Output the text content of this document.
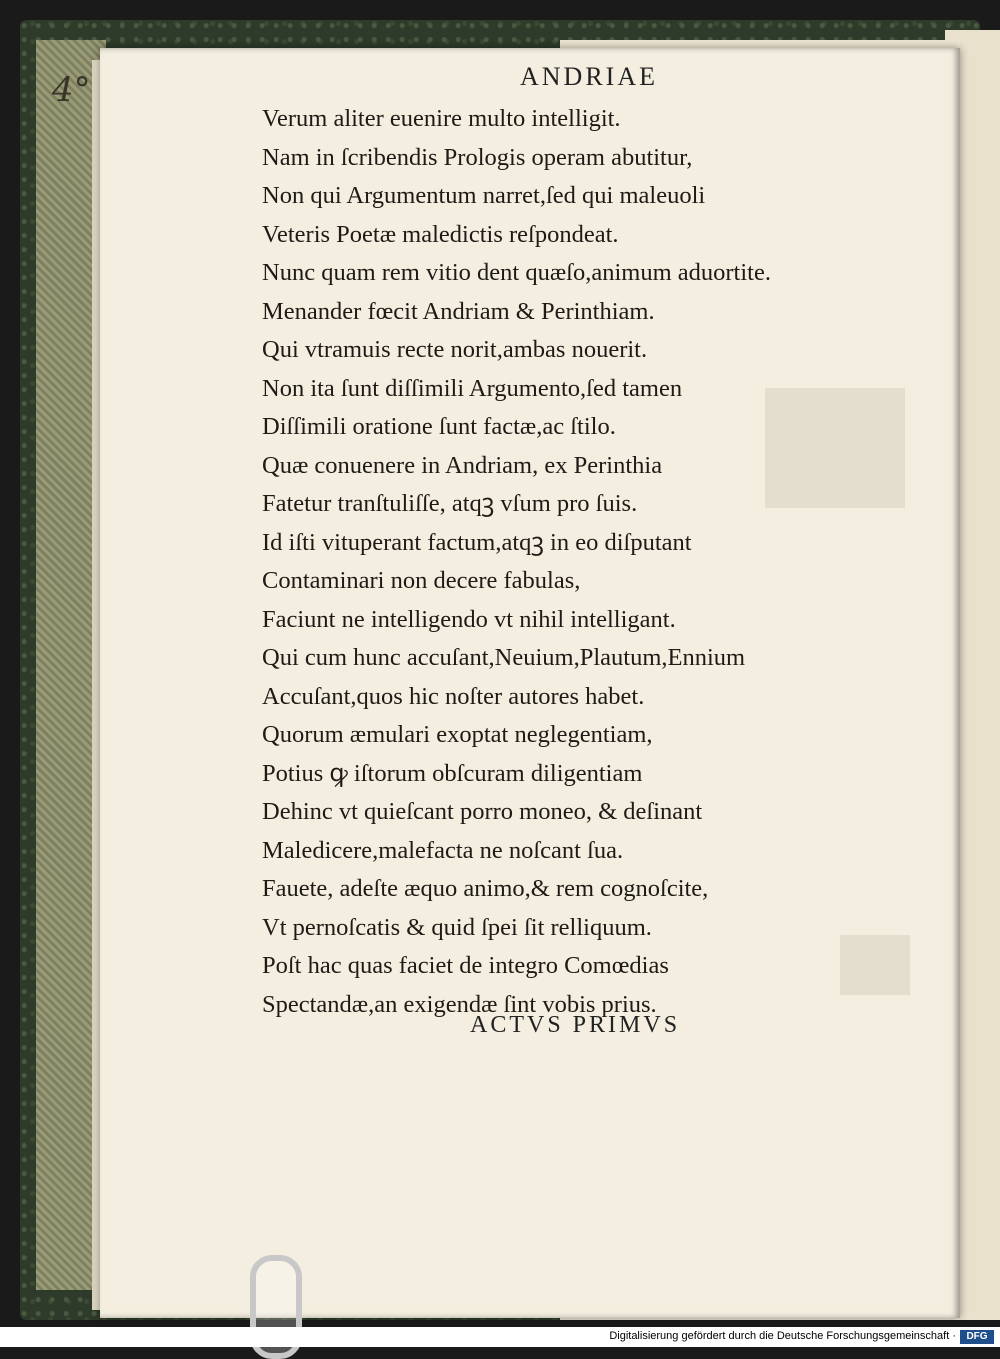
4°	ANDRIAE
Verum aliter euenire multo intelligit.
Nam in ſcribendis Prologis operam abutitur,
Non qui Argumentum narret,ſed qui maleuoli
Veteris Poetæ maledictis reſpondeat.
Nunc quam rem vitio dent quæſo,animum aduortite.
Menander fœcit Andriam & Perinthiam.
Qui vtramuis recte norit,ambas nouerit.
Non ita ſunt diſſimili Argumento,ſed tamen
Diſſimili oratione ſunt factæ,ac ſtilo.
Quæ conuenere in Andriam, ex Perinthia
Fatetur tranſtuliſſe, atqꝫ vſum pro ſuis.
Id iſti vituperant factum,atqꝫ in eo diſputant
Contaminari non decere fabulas,
Faciunt ne intelligendo vt nihil intelligant.
Qui cum hunc accuſant,Neuium,Plautum,Ennium
Accuſant,quos hic noſter autores habet.
Quorum æmulari exoptat neglegentiam,
Potius ꝙ iſtorum obſcuram diligentiam
Dehinc vt quieſcant porro moneo, & deſinant
Maledicere,malefacta ne noſcant ſua.
Fauete, adeſte æquo animo,& rem cognoſcite,
Vt pernoſcatis & quid ſpei ſit relliquum.
Poſt hac quas faciet de integro Comœdias
Spectandæ,an exigendæ ſint vobis prius.
ACTVS PRIMVS
Digitalisierung gefördert durch die Deutsche Forschungsgemeinschaft ·	DFG
